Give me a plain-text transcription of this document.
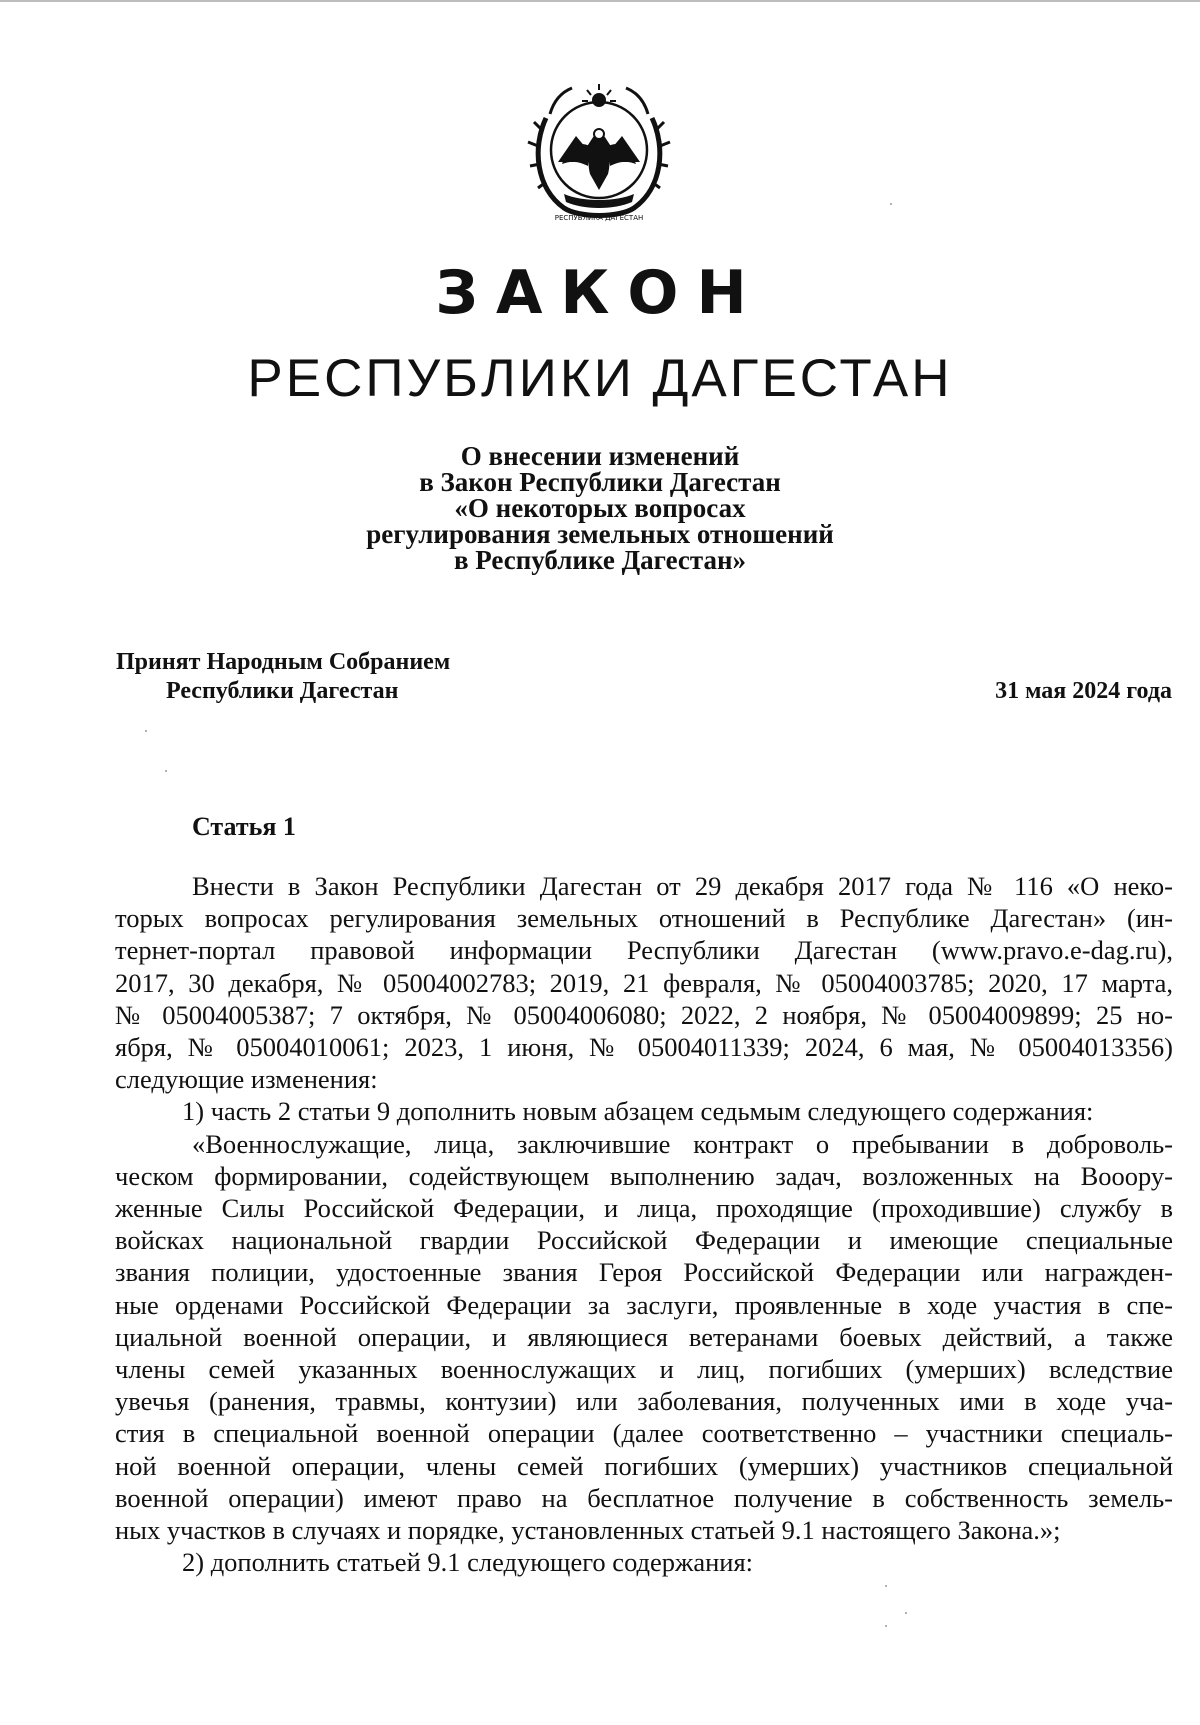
РЕСПУБЛИКА ДАГЕСТАН
ЗАКОН
РЕСПУБЛИКИ ДАГЕСТАН
О внесении изменений
в Закон Республики Дагестан
«О некоторых вопросах
регулирования земельных отношений
в Республике Дагестан»
Принят Народным Собранием
Республики Дагестан	31 мая 2024 года
Статья 1
Внести в Закон Республики Дагестан от 29 декабря 2017 года № 116 «О неко-
торых вопросах регулирования земельных отношений в Республике Дагестан» (ин-
тернет-портал правовой информации Республики Дагестан (www.pravo.e-dag.ru),
2017, 30 декабря, № 05004002783; 2019, 21 февраля, № 05004003785; 2020, 17 марта,
№ 05004005387; 7 октября, № 05004006080; 2022, 2 ноября, № 05004009899; 25 но-
ября, № 05004010061; 2023, 1 июня, № 05004011339; 2024, 6 мая, № 05004013356)
следующие изменения:
1) часть 2 статьи 9 дополнить новым абзацем седьмым следующего содержания:
«Военнослужащие, лица, заключившие контракт о пребывании в доброволь-
ческом формировании, содействующем выполнению задач, возложенных на Вооору-
женные Силы Российской Федерации, и лица, проходящие (проходившие) службу в
войсках национальной гвардии Российской Федерации и имеющие специальные
звания полиции, удостоенные звания Героя Российской Федерации или награжден-
ные орденами Российской Федерации за заслуги, проявленные в ходе участия в спе-
циальной военной операции, и являющиеся ветеранами боевых действий, а также
члены семей указанных военнослужащих и лиц, погибших (умерших) вследствие
увечья (ранения, травмы, контузии) или заболевания, полученных ими в ходе уча-
стия в специальной военной операции (далее соответственно – участники специаль-
ной военной операции, члены семей погибших (умерших) участников специальной
военной операции) имеют право на бесплатное получение в собственность земель-
ных участков в случаях и порядке, установленных статьей 9.1 настоящего Закона.»;
2) дополнить статьей 9.1 следующего содержания:
